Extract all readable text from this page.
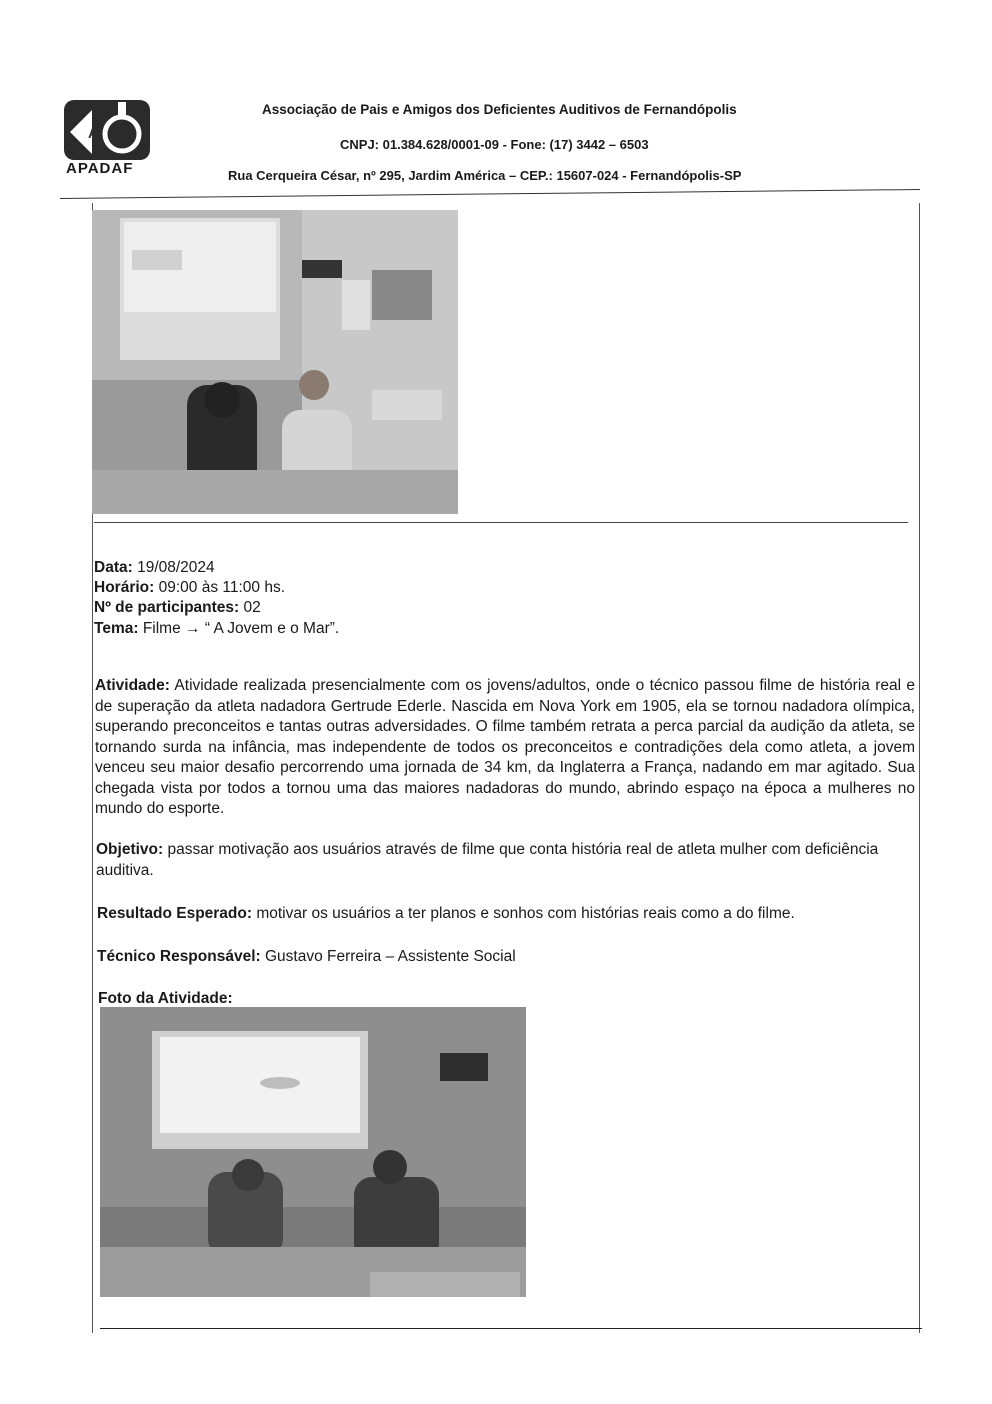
A
APADAF
Associação de Pais e Amigos dos Deficientes Auditivos de Fernandópolis
CNPJ: 01.384.628/0001-09 - Fone: (17) 3442 – 6503
Rua Cerqueira César, nº 295, Jardim América – CEP.: 15607-024 - Fernandópolis-SP
Data: 19/08/2024
Horário: 09:00 às 11:00 hs.
Nº de participantes: 02
Tema: Filme → “ A Jovem e o Mar”.
Atividade: Atividade realizada presencialmente com os jovens/adultos, onde o técnico passou filme de história real e de superação da atleta nadadora Gertrude Ederle. Nascida em Nova York em 1905, ela se tornou nadadora olímpica, superando preconceitos e tantas outras adversidades. O filme também retrata a perca parcial da audição da atleta, se tornando surda na infância, mas independente de todos os preconceitos e contradições dela como atleta, a jovem venceu seu maior desafio percorrendo uma jornada de 34 km, da Inglaterra a França, nadando em mar agitado. Sua chegada vista por todos a tornou uma das maiores nadadoras do mundo, abrindo espaço na época a mulheres no mundo do esporte.
Objetivo: passar motivação aos usuários através de filme que conta história real de atleta mulher com deficiência auditiva.
Resultado Esperado: motivar os usuários a ter planos e sonhos com histórias reais como a do filme.
Técnico Responsável: Gustavo Ferreira – Assistente Social
Foto da Atividade:
